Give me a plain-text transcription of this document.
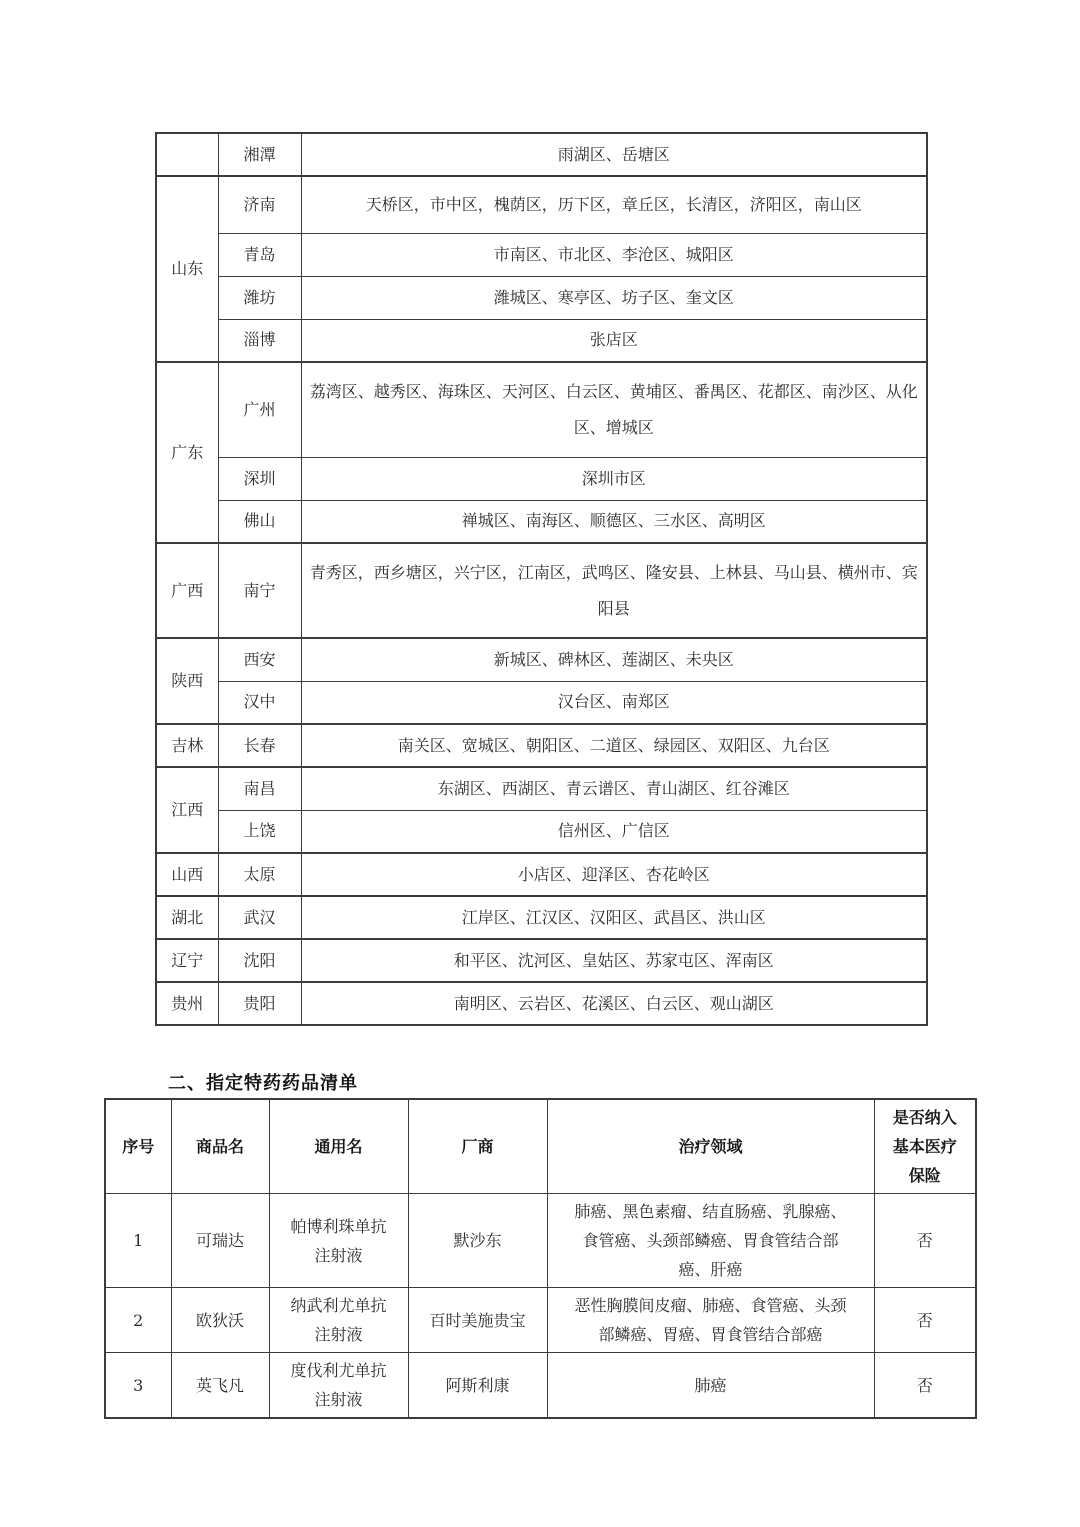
	湘潭	雨湖区、岳塘区
山东	济南	天桥区，市中区，槐荫区，历下区，章丘区，长清区，济阳区，南山区
	青岛	市南区、市北区、李沧区、城阳区
	潍坊	潍城区、寒亭区、坊子区、奎文区
	淄博	张店区
广东	广州	荔湾区、越秀区、海珠区、天河区、白云区、黄埔区、番禺区、花都区、南沙区、从化区、增城区
	深圳	深圳市区
	佛山	禅城区、南海区、顺德区、三水区、高明区
广西	南宁	青秀区，西乡塘区，兴宁区，江南区，武鸣区、隆安县、上林县、马山县、横州市、宾阳县
陕西	西安	新城区、碑林区、莲湖区、未央区
	汉中	汉台区、南郑区
吉林	长春	南关区、宽城区、朝阳区、二道区、绿园区、双阳区、九台区
江西	南昌	东湖区、西湖区、青云谱区、青山湖区、红谷滩区
	上饶	信州区、广信区
山西	太原	小店区、迎泽区、杏花岭区
湖北	武汉	江岸区、江汉区、汉阳区、武昌区、洪山区
辽宁	沈阳	和平区、沈河区、皇姑区、苏家屯区、浑南区
贵州	贵阳	南明区、云岩区、花溪区、白云区、观山湖区
二、指定特药药品清单
序号	商品名	通用名	厂商	治疗领域	是否纳入基本医疗保险

1	可瑞达	帕博利珠单抗注射液	默沙东	肺癌、黑色素瘤、结直肠癌、乳腺癌、食管癌、头颈部鳞癌、胃食管结合部癌、肝癌	否

2	欧狄沃	纳武利尤单抗注射液	百时美施贵宝	恶性胸膜间皮瘤、肺癌、食管癌、头颈部鳞癌、胃癌、胃食管结合部癌	否

3	英飞凡	度伐利尤单抗注射液	阿斯利康	肺癌	否
